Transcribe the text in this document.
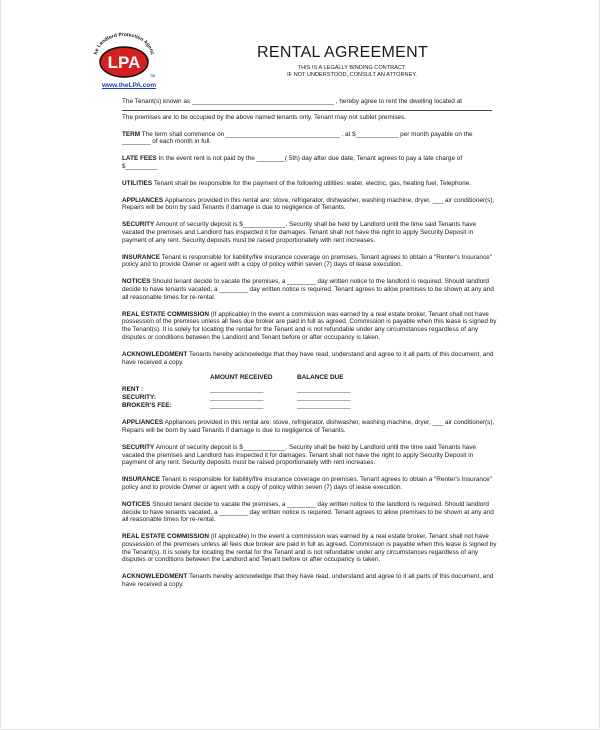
he Landlord Protection Agenc
LPA
TM
www.theLPA.com
RENTAL AGREEMENT
THIS IS A LEGALLY BINDING CONTRACT.
IF NOT UNDERSTOOD, CONSULT AN ATTORNEY.

The Tenant(s) known as ________________________________________ , hereby agree to rent the dwelling located at

The premises are to be occupied by the above named tenants only. Tenant may not sublet premises.

TERM The term shall commence on ________________________________ . at $____________ per month payable on the ________ of each month in full.

LATE FEES In the event rent is not paid by the ________( 5th) day after due date, Tenant agrees to pay a late charge of $_________

UTILITIES Tenant shall be responsible for the payment of the following utilities: water, electric, gas, heating fuel, Telephone.

APPLIANCES Appliances provided in this rental are: stove, refrigerator, dishwasher, washing machine, dryer, ___ air conditioner(s),

Repairs will be born by said Tenants if damage is due to negligence of Tenants.

SECURITY Amount of security deposit is $____________. Security shall be held by Landlord until the time said Tenants have vacated the premises and Landlord has inspected it for damages. Tenant shall not have the right to apply Security Deposit in payment of any rent. Security deposits must be raised proportionately with rent increases.

INSURANCE Tenant is responsible for liability/fire insurance coverage on premises. Tenant agrees to obtain a "Renter's Insurance" policy and to provide Owner or agent with a copy of policy within seven (7) days of lease execution.

NOTICES Should tenant decide to vacate the premises, a ________ day written notice to the landlord is required. Should landlord decide to have tenants vacated, a ________ day written notice is required. Tenant agrees to allow premises to be shown at any and all reasonable times for re-rental.

REAL ESTATE COMMISSION (If applicable) In the event a commission was earned by a real estate broker, Tenant shall not have possession of the premises unless all fees due broker are paid in full as agreed. Commission is payable when this lease is signed by the Tenant(s). It is solely for locating the rental for the Tenant and is not refundable under any circumstances regardless of any disputes or conditions between the Landlord and Tenant before or after occupancy is taken.

ACKNOWLEDGMENT Tenants hereby acknowledge that they have read, understand and agree to it all parts of this document, and have received a copy.

AMOUNT RECEIVED	BALANCE DUE
RENT :	_______________	_______________
SECURITY:	_______________	_______________
BROKER'S FEE:	_______________	_______________

APPLIANCES Appliances provided in this rental are: stove, refrigerator, dishwasher, washing machine, dryer, ___ air conditioner(s),

Repairs will be born by said Tenants if damage is due to negligence of Tenants.

SECURITY Amount of security deposit is $____________. Security shall be held by Landlord until the time said Tenants have vacated the premises and Landlord has inspected it for damages. Tenant shall not have the right to apply Security Deposit in payment of any rent. Security deposits must be raised proportionately with rent increases.

INSURANCE Tenant is responsible for liability/fire insurance coverage on premises. Tenant agrees to obtain a "Renter's Insurance" policy and to provide Owner or agent with a copy of policy within seven (7) days of lease execution.

NOTICES Should tenant decide to vacate the premises, a ________ day written notice to the landlord is required. Should landlord decide to have tenants vacated, a ________ day written notice is required. Tenant agrees to allow premises to be shown at any and all reasonable times for re-rental.

REAL ESTATE COMMISSION (If applicable) In the event a commission was earned by a real estate broker, Tenant shall not have possession of the premises unless all fees due broker are paid in full as agreed. Commission is payable when this lease is signed by the Tenant(s). It is solely for locating the rental for the Tenant and is not refundable under any circumstances regardless of any disputes or conditions between the Landlord and Tenant before or after occupancy is taken.

ACKNOWLEDGMENT Tenants hereby acknowledge that they have read, understand and agree to it all parts of this document, and have received a copy.
